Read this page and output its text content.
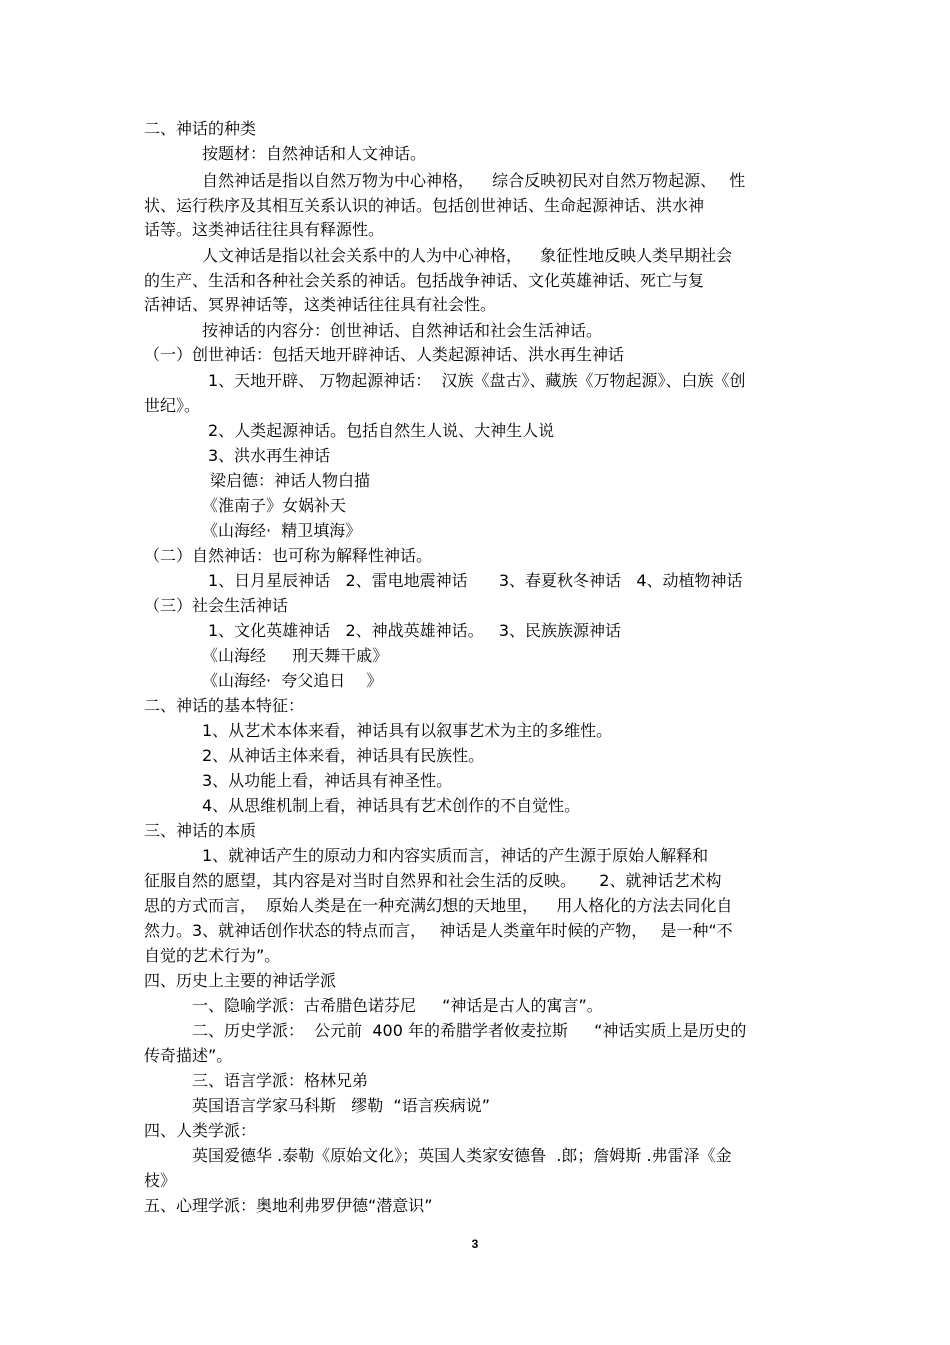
二、神话的种类
按题材：自然神话和人文神话。
自然神话是指以自然万物为中心神格，　  综合反映初民对自然万物起源、　 性
状、运行秩序及其相互关系认识的神话。包括创世神话、生命起源神话、洪水神
话等。这类神话往往具有释源性。
人文神话是指以社会关系中的人为中心神格，　  象征性地反映人类早期社会
的生产、生活和各种社会关系的神话。包括战争神话、文化英雄神话、死亡与复
活神话、冥界神话等，这类神话往往具有社会性。
按神话的内容分：创世神话、自然神话和社会生活神话。
（一）创世神话：包括天地开辟神话、人类起源神话、洪水再生神话
1、天地开辟、 万物起源神话：  汉族《盘古》、藏族《万物起源》、白族《创
世纪》。
2、人类起源神话。包括自然生人说、大神生人说
3、洪水再生神话
梁启德：神话人物白描
《淮南子》女娲补天
《山海经·  精卫填海》
（二）自然神话：也可称为解释性神话。
1、日月星辰神话   2、雷电地震神话　   3、春夏秋冬神话   4、动植物神话
（三）社会生活神话
1、文化英雄神话   2、神战英雄神话。   3、民族族源神话
《山海经　  刑天舞干戚》
《山海经·  夸父追日　 》
二、神话的基本特征：
1、从艺术本体来看，神话具有以叙事艺术为主的多维性。
2、从神话主体来看，神话具有民族性。
3、从功能上看，神话具有神圣性。
4、从思维机制上看，神话具有艺术创作的不自觉性。
三、神话的本质
1、就神话产生的原动力和内容实质而言，神话的产生源于原始人解释和
征服自然的愿望，其内容是对当时自然界和社会生活的反映。　   2、就神话艺术构
思的方式而言，  原始人类是在一种充满幻想的天地里，　  用人格化的方法去同化自
然力。3、就神话创作状态的特点而言，　 神话是人类童年时候的产物，　 是一种“不
自觉的艺术行为”。
四、历史上主要的神话学派
一、隐喻学派：古希腊色诺芬尼　  “神话是古人的寓言”。
二、历史学派：  公元前  400 年的希腊学者攸麦拉斯　  “神话实质上是历史的
传奇描述”。
三、语言学派：格林兄弟
英国语言学家马科斯   缪勒  “语言疾病说”
四、人类学派：
英国爱德华 .泰勒《原始文化》；英国人类家安德鲁  .郎；詹姆斯 .弗雷泽《金
枝》
五、心理学派：奥地利弗罗伊德“潜意识”
3
